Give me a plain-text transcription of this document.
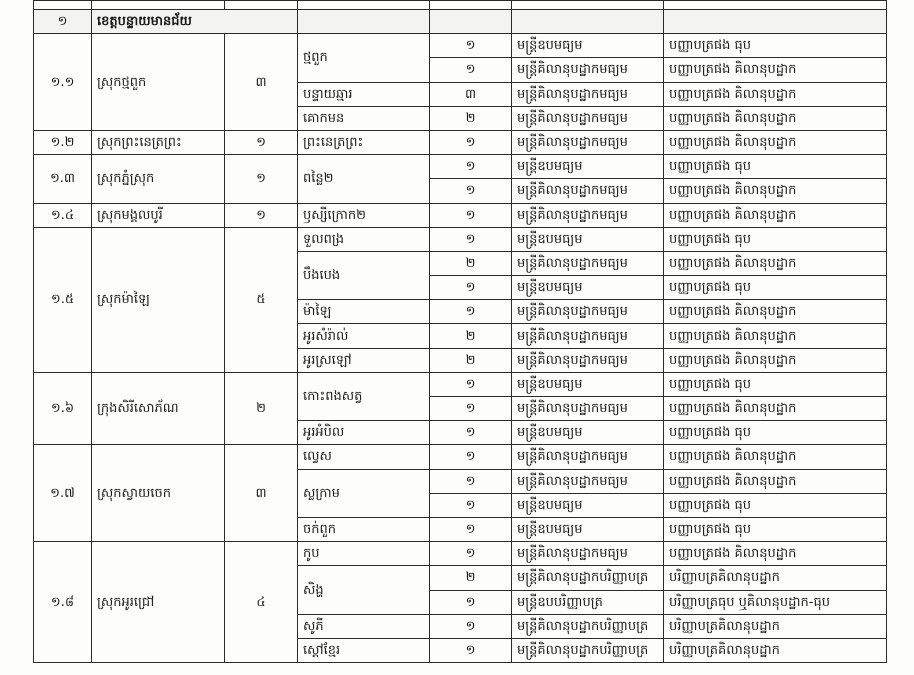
១	ខេត្តបន្ទាយមានជ័យ					
១.១	ស្រុកថ្មពួក	៣	ថ្មពួក	១	មន្ត្រីឧបមធ្យម	បញ្ញាបត្រផង ធុប
				១	មន្ត្រីគិលានុបដ្ឋាកមធ្យម	បញ្ញាបត្រផង គិលានុបដ្ឋាក
			បន្ទាយឆ្មារ	៣	មន្ត្រីគិលានុបដ្ឋាកមធ្យម	បញ្ញាបត្រផង គិលានុបដ្ឋាក
			គោកមន	២	មន្ត្រីគិលានុបដ្ឋាកមធ្យម	បញ្ញាបត្រផង គិលានុបដ្ឋាក
១.២	ស្រុកព្រះនេត្រព្រះ	១	ព្រះនេត្រព្រះ	១	មន្ត្រីគិលានុបដ្ឋាកមធ្យម	បញ្ញាបត្រផង គិលានុបដ្ឋាក
១.៣	ស្រុកភ្នំស្រុក	១	ពន្លៃ២	១	មន្ត្រីឧបមធ្យម	បញ្ញាបត្រផង ធុប
				១	មន្ត្រីគិលានុបដ្ឋាកមធ្យម	បញ្ញាបត្រផង គិលានុបដ្ឋាក
១.៤	ស្រុកមង្គលបូរី	១	ឫស្សីក្រោក២	១	មន្ត្រីគិលានុបដ្ឋាកមធ្យម	បញ្ញាបត្រផង គិលានុបដ្ឋាក
១.៥	ស្រុកម៉ាឡៃ	៥	ទួលពង្រ	១	មន្ត្រីឧបមធ្យម	បញ្ញាបត្រផង ធុប
			បឹងបេង	២	មន្ត្រីគិលានុបដ្ឋាកមធ្យម	បញ្ញាបត្រផង គិលានុបដ្ឋាក
				១	មន្ត្រីឧបមធ្យម	បញ្ញាបត្រផង ធុប
			ម៉ាឡៃ	១	មន្ត្រីគិលានុបដ្ឋាកមធ្យម	បញ្ញាបត្រផង គិលានុបដ្ឋាក
			អូរសំរ៉ាល់	២	មន្ត្រីគិលានុបដ្ឋាកមធ្យម	បញ្ញាបត្រផង គិលានុបដ្ឋាក
			អូរស្រឡៅ	២	មន្ត្រីគិលានុបដ្ឋាកមធ្យម	បញ្ញាបត្រផង គិលានុបដ្ឋាក
១.៦	ក្រុងសិរីសោភ័ណ	២	កោះពងសត្វ	១	មន្ត្រីឧបមធ្យម	បញ្ញាបត្រផង ធុប
				១	មន្ត្រីគិលានុបដ្ឋាកមធ្យម	បញ្ញាបត្រផង គិលានុបដ្ឋាក
			អូរអំបិល	១	មន្ត្រីឧបមធ្យម	បញ្ញាបត្រផង ធុប
១.៧	ស្រុកស្វាយចេក	៣	ល្វេស	១	មន្ត្រីគិលានុបដ្ឋាកមធ្យម	បញ្ញាបត្រផង គិលានុបដ្ឋាក
			ស្លក្រាម	១	មន្ត្រីគិលានុបដ្ឋាកមធ្យម	បញ្ញាបត្រផង គិលានុបដ្ឋាក
				១	មន្ត្រីឧបមធ្យម	បញ្ញាបត្រផង ធុប
			ចក់ពួក	១	មន្ត្រីឧបមធ្យម	បញ្ញាបត្រផង ធុប
១.៨	ស្រុកអូរជ្រៅ	៤	កូប	១	មន្ត្រីគិលានុបដ្ឋាកមធ្យម	បញ្ញាបត្រផង គិលានុបដ្ឋាក
			សិង្ហ	២	មន្ត្រីគិលានុបដ្ឋាកបរិញ្ញាបត្រ	បរិញ្ញាបត្រគិលានុបដ្ឋាក
				១	មន្ត្រីឧបបរិញ្ញាបត្រ	បរិញ្ញាបត្រធុប ឬគិលានុបដ្ឋាក-ធុប
			សូភី	១	មន្ត្រីគិលានុបដ្ឋាកបរិញ្ញាបត្រ	បរិញ្ញាបត្រគិលានុបដ្ឋាក
			ស្តៅខ្មែរ	១	មន្ត្រីគិលានុបដ្ឋាកបរិញ្ញាបត្រ	បរិញ្ញាបត្រគិលានុបដ្ឋាក
